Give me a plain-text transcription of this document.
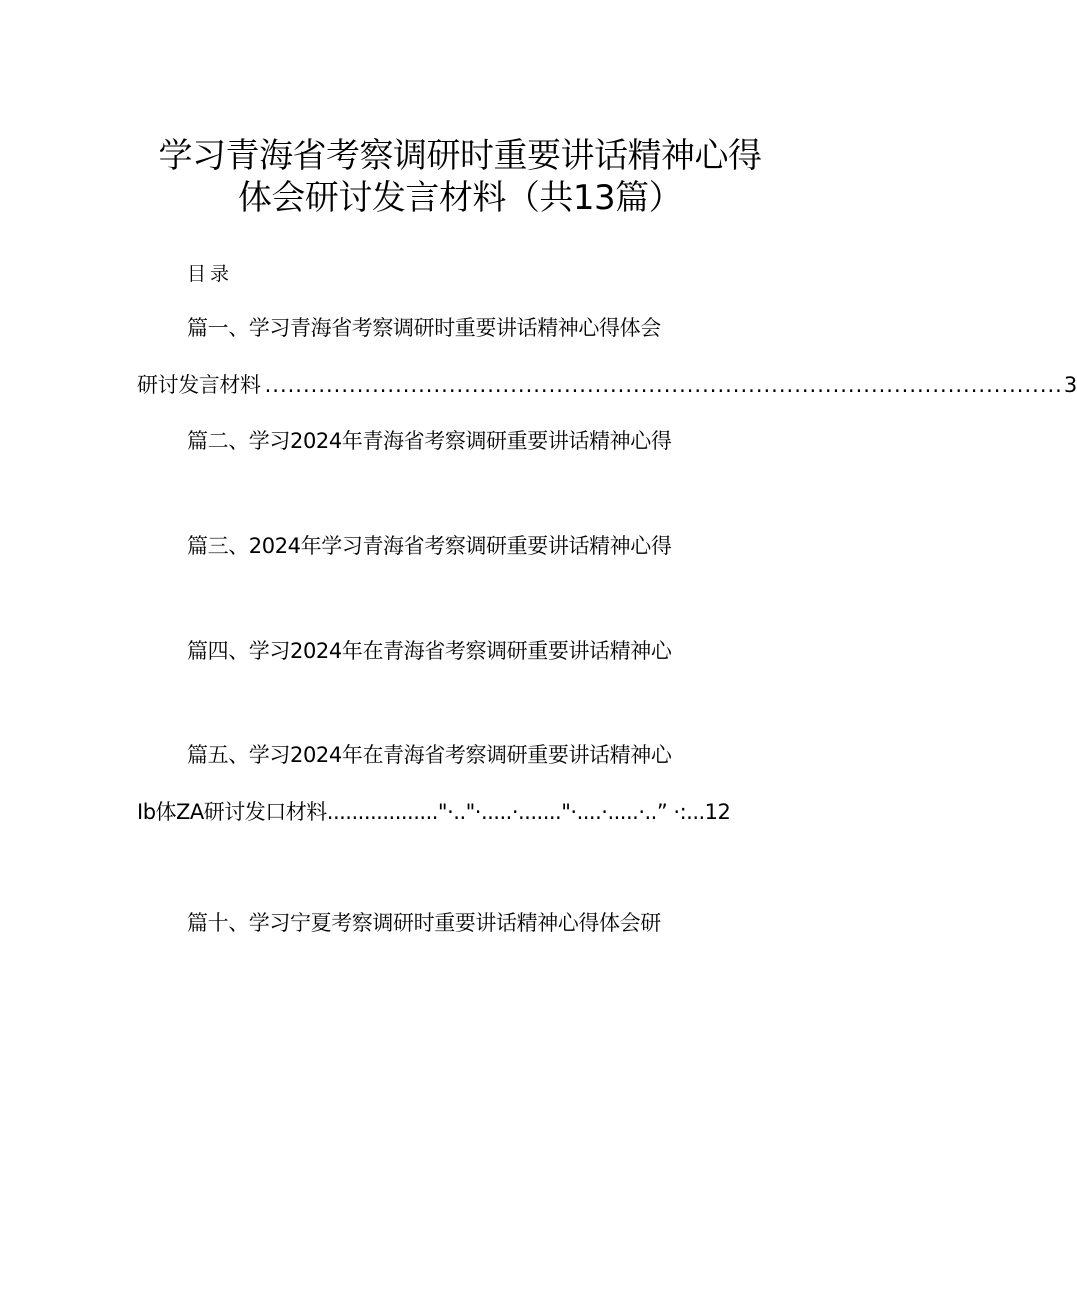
学习青海省考察调研时重要讲话精神心得
体会研讨发言材料（共13篇）
目录
篇一、学习青海省考察调研时重要讲话精神心得体会
研讨发言材料 ........................................................................................................ 3
篇二、学习2024年青海省考察调研重要讲话精神心得
篇三、2024年学习青海省考察调研重要讲话精神心得
篇四、学习2024年在青海省考察调研重要讲话精神心
篇五、学习2024年在青海省考察调研重要讲话精神心
Ib体ZA研讨发口材料.................."·.."·.....·......."·....·.....·..” ·:...12
篇十、学习宁夏考察调研时重要讲话精神心得体会研
